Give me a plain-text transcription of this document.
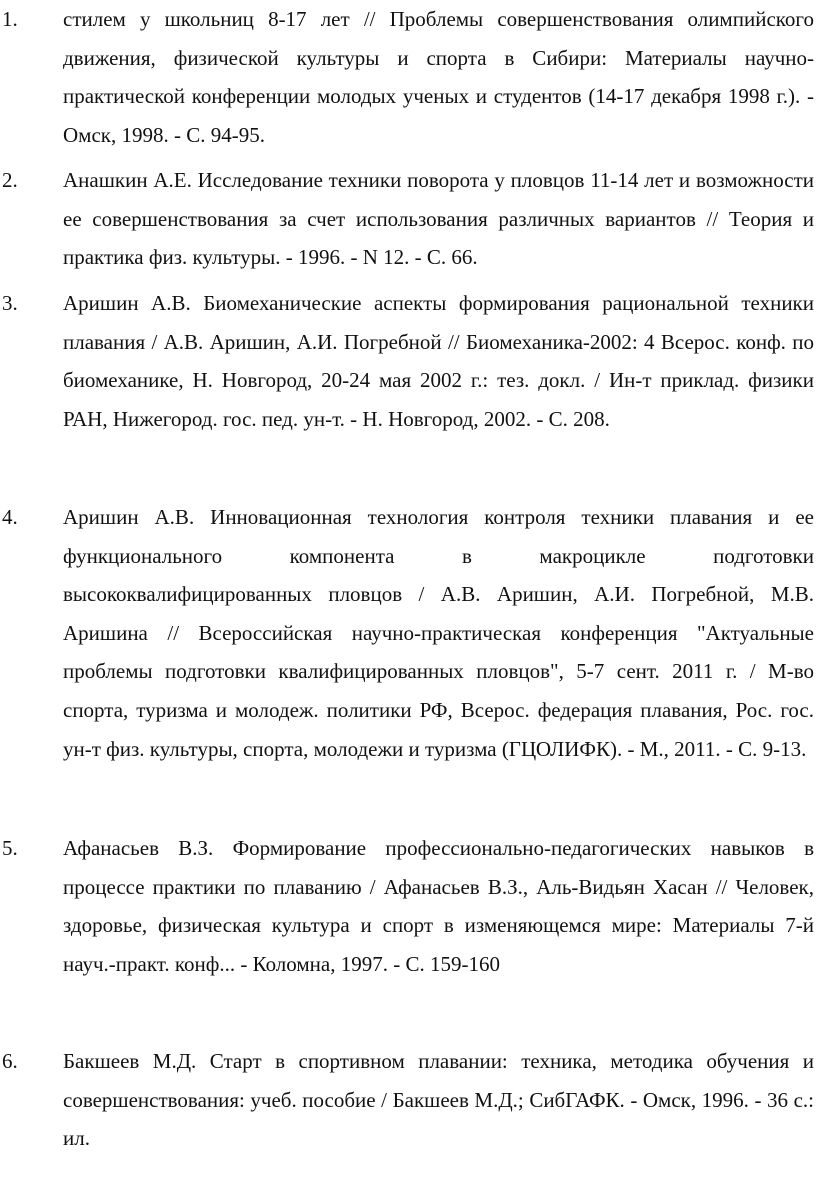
1. стилем у школьниц 8-17 лет // Проблемы совершенствования олимпийского движения, физической культуры и спорта в Сибири: Материалы научно-практической конференции молодых ученых и студентов (14-17 декабря 1998 г.). - Омск, 1998. - С. 94-95.
2. Анашкин А.Е. Исследование техники поворота у пловцов 11-14 лет и возможности ее совершенствования за счет использования различных вариантов // Теория и практика физ. культуры. - 1996. - N 12. - С. 66.
3. Аришин А.В. Биомеханические аспекты формирования рациональной техники плавания / А.В. Аришин, А.И. Погребной // Биомеханика-2002: 4 Всерос. конф. по биомеханике, Н. Новгород, 20-24 мая 2002 г.: тез. докл. / Ин-т приклад. физики РАН, Нижегород. гос. пед. ун-т. - Н. Новгород, 2002. - С. 208.
4. Аришин А.В. Инновационная технология контроля техники плавания и ее функционального компонента в макроцикле подготовки высококвалифицированных пловцов / А.В. Аришин, А.И. Погребной, М.В. Аришина // Всероссийская научно-практическая конференция "Актуальные проблемы подготовки квалифицированных пловцов", 5-7 сент. 2011 г. / М-во спорта, туризма и молодеж. политики РФ, Всерос. федерация плавания, Рос. гос. ун-т физ. культуры, спорта, молодежи и туризма (ГЦОЛИФК). - М., 2011. - С. 9-13.
5. Афанасьев В.З. Формирование профессионально-педагогических навыков в процессе практики по плаванию / Афанасьев В.З., Аль-Видьян Хасан // Человек, здоровье, физическая культура и спорт в изменяющемся мире: Материалы 7-й науч.-практ. конф... - Коломна, 1997. - С. 159-160
6. Бакшеев М.Д. Старт в спортивном плавании: техника, методика обучения и совершенствования: учеб. пособие / Бакшеев М.Д.; СибГАФК. - Омск, 1996. - 36 с.: ил.
